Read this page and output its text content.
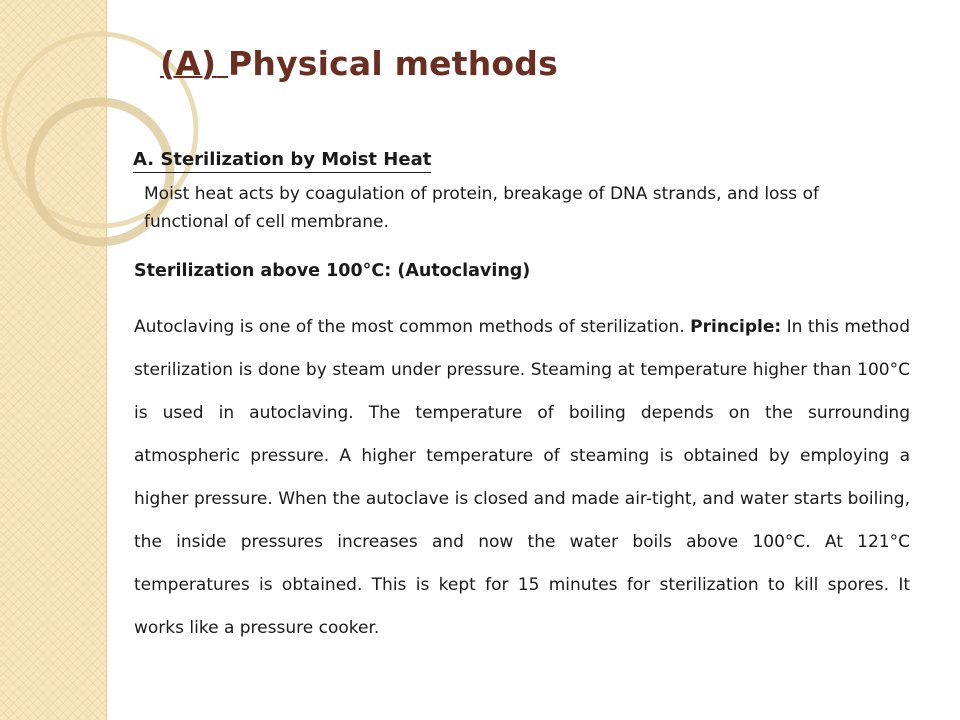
(A) Physical methods
A. Sterilization by Moist Heat

Moist heat acts by coagulation of protein, breakage of DNA strands, and loss of functional of cell membrane.

Sterilization above 100°C: (Autoclaving)

Autoclaving is one of the most common methods of sterilization. Principle: In this method sterilization is done by steam under pressure. Steaming at temperature higher than 100°C is used in autoclaving. The temperature of boiling depends on the surrounding atmospheric pressure. A higher temperature of steaming is obtained by employing a higher pressure. When the autoclave is closed and made air-tight, and water starts boiling, the inside pressures increases and now the water boils above 100°C. At 121°C temperatures is obtained. This is kept for 15 minutes for sterilization to kill spores. It works like a pressure cooker.
